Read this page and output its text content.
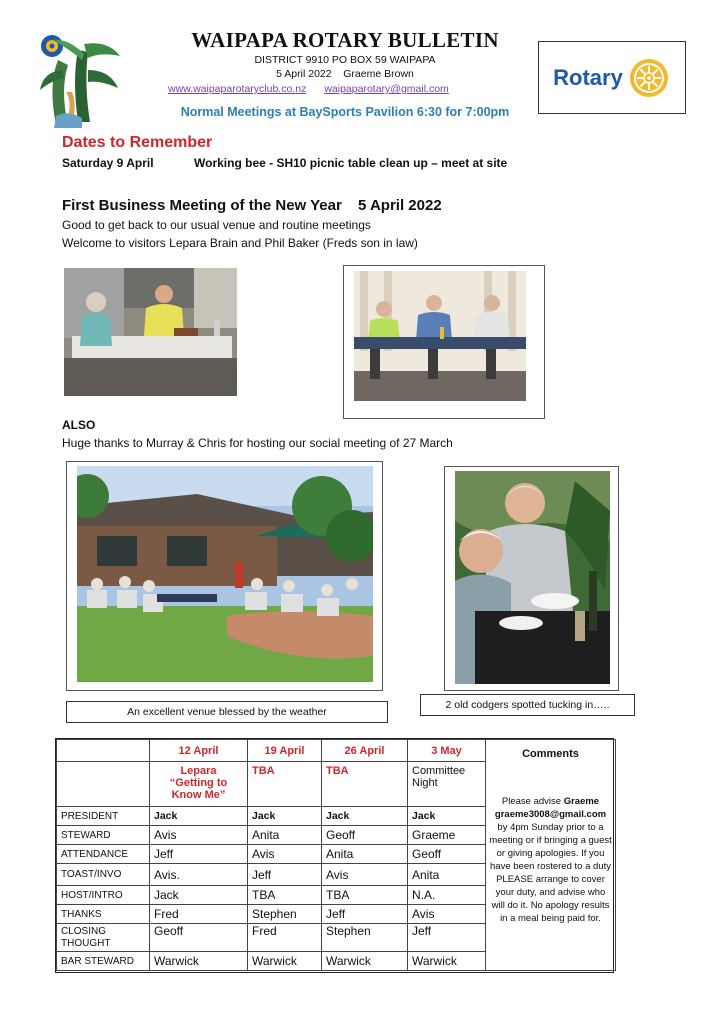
WAIPAPA ROTARY BULLETIN
DISTRICT 9910 PO BOX 59 WAIPAPA
5 April 2022    Graeme Brown
www.waipaparotaryclub.co.nz waipaparotary@gmail.com
Normal Meetings at BaySports Pavilion 6:30 for 7:00pm
Rotary
Dates to Remember
Saturday 9 April	Working bee - SH10 picnic table clean up – meet at site
First Business Meeting of the New Year 5 April 2022
Good to get back to our usual venue and routine meetings
Welcome to visitors Lepara Brain and Phil Baker (Freds son in law)
ALSO
Huge thanks to Murray & Chris for hosting our social meeting of 27 March
An excellent venue blessed by the weather
2 old codgers spotted tucking in…..
	12 April	19 April	26 April	3 May	Comments
Please advise Graeme graeme3008@gmail.com by 4pm Sunday prior to a meeting or if bringing a guest or giving apologies. If you have been rostered to a duty PLEASE arrange to cover your duty, and advise who will do it. No apology results in a meal being paid for.
	Lepara
“Getting to
Know Me”	TBA	TBA	Committee
Night	
PRESIDENT	Jack	Jack	Jack	Jack	
STEWARD	Avis	Anita	Geoff	Graeme	
ATTENDANCE	Jeff	Avis	Anita	Geoff	
TOAST/INVO	Avis.	Jeff	Avis	Anita	
HOST/INTRO	Jack	TBA	TBA	N.A.	
THANKS	Fred	Stephen	Jeff	Avis	
CLOSING THOUGHT	Geoff	Fred	Stephen	Jeff	
BAR STEWARD	Warwick	Warwick	Warwick	Warwick	
